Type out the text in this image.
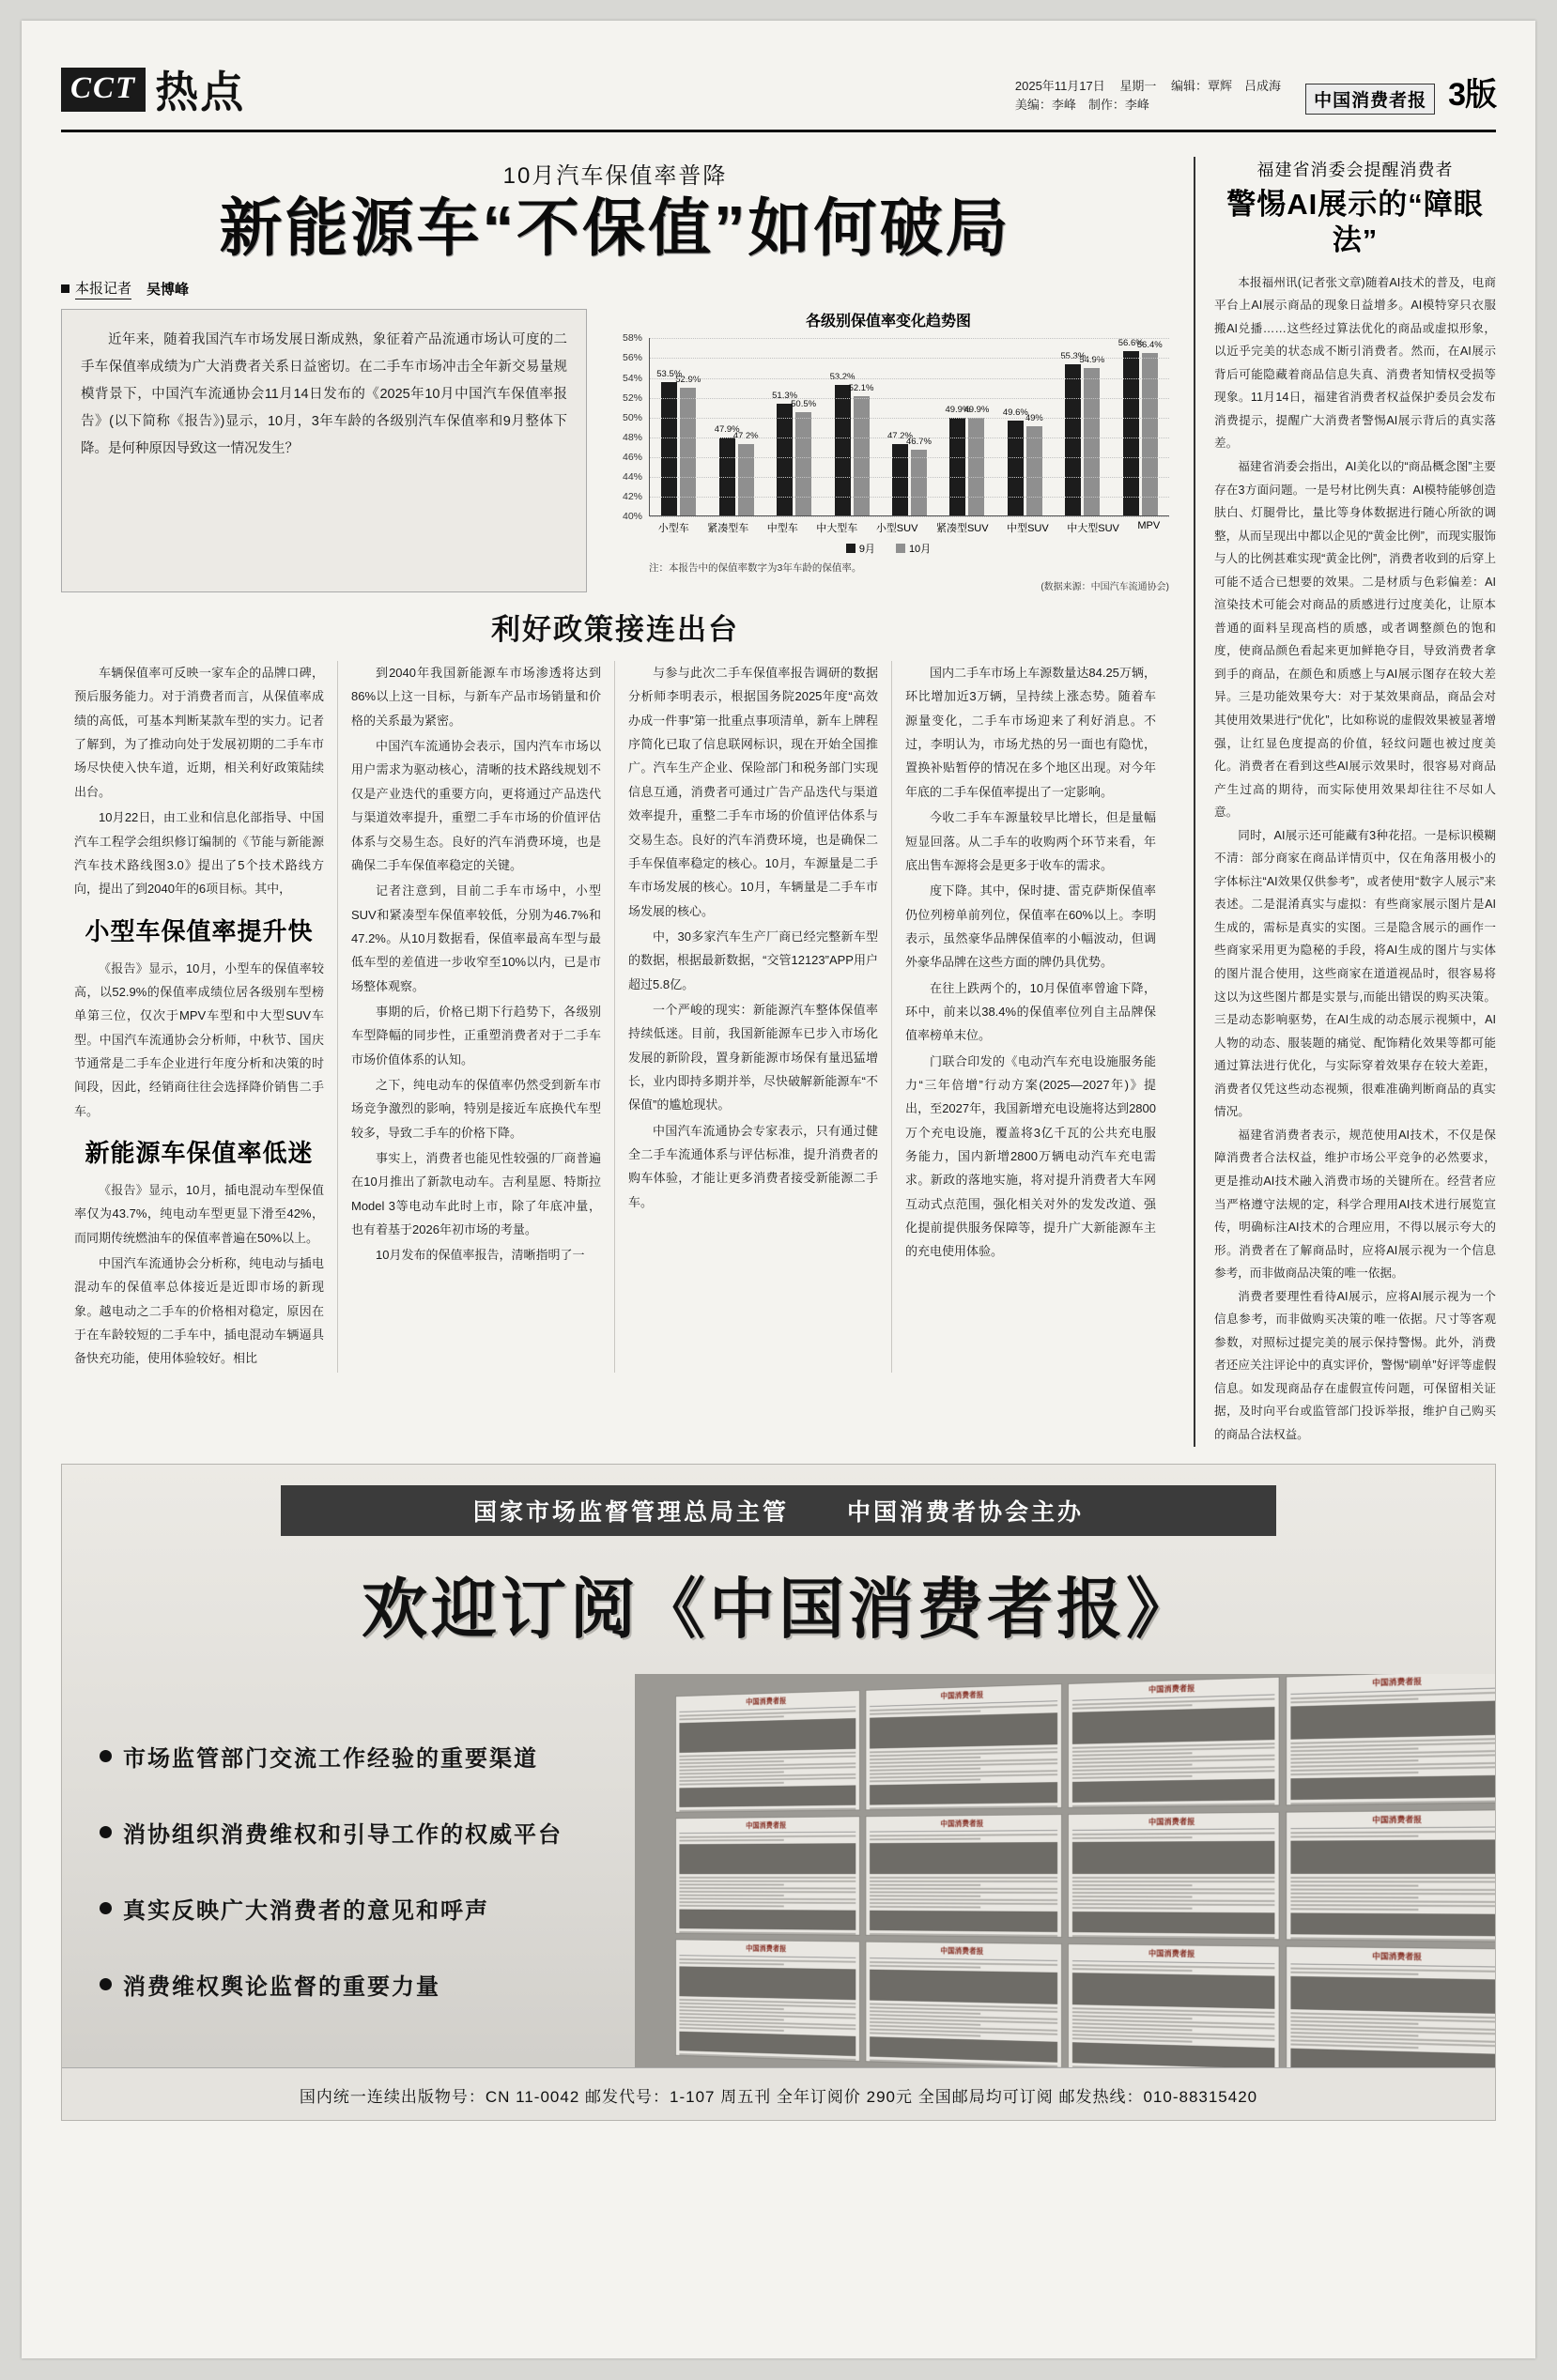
CCT 热点	2025年11月17日 星期一 编辑：覃辉　吕成海
美编：李峰　制作：李峰	中国消费者报 3版
10月汽车保值率普降
新能源车“不保值”如何破局
本报记者 吴博峰
近年来，随着我国汽车市场发展日渐成熟，象征着产品流通市场认可度的二手车保值率成绩为广大消费者关系日益密切。在二手车市场冲击全年新交易量规模背景下，中国汽车流通协会11月14日发布的《2025年10月中国汽车保值率报告》(以下简称《报告》)显示，10月，3年车龄的各级别汽车保值率和9月整体下降。是何种原因导致这一情况发生？
各级别保值率变化趋势图
58%
56%
54%
52%
50%
48%
46%
44%
42%
40%
53.5%
52.9%
47.9%
47.2%
51.3%
50.5%
53.2%
52.1%
47.2%
46.7%
49.9%
49.9% 49.6%
49%
55.3%
54.9%
56.6%
56.4%
小型车 紧凑型车 中型车 中大型车 小型SUV 紧凑型SUV 中型SUV 中大型SUV MPV
9月	10月
注：本报告中的保值率数字为3年车龄的保值率。
(数据来源：中国汽车流通协会)
利好政策接连出台

车辆保值率可反映一家车企的品牌口碑，预后服务能力。对于消费者而言，从保值率成绩的高低，可基本判断某款车型的实力。记者了解到，为了推动向处于发展初期的二手车市场尽快使入快车道，近期，相关利好政策陆续出台。

10月22日，由工业和信息化部指导、中国汽车工程学会组织修订编制的《节能与新能源汽车技术路线图3.0》提出了5个技术路线方向，提出了到2040年的6项目标。其中，

小型车保值率提升快

《报告》显示，10月，小型车的保值率较高，以52.9%的保值率成绩位居各级别车型榜单第三位，仅次于MPV车型和中大型SUV车型。中国汽车流通协会分析师，中秋节、国庆节通常是二手车企业进行年度分析和决策的时间段，因此，经销商往往会选择降价销售二手车。

新能源车保值率低迷

《报告》显示，10月，插电混动车型保值率仅为43.7%，纯电动车型更显下滑至42%，而同期传统燃油车的保值率普遍在50%以上。

中国汽车流通协会分析称，纯电动与插电混动车的保值率总体接近是近即市场的新现象。越电动之二手车的价格相对稳定，原因在于在车龄较短的二手车中，插电混动车辆逼具备快充功能，使用体验较好。相比

到2040年我国新能源车市场渗透将达到86%以上这一目标，与新车产品市场销量和价格的关系最为紧密。

中国汽车流通协会表示，国内汽车市场以用户需求为驱动核心，清晰的技术路线规划不仅是产业迭代的重要方向，更将通过产品迭代与渠道效率提升，重塑二手车市场的价值评估体系与交易生态。良好的汽车消费环境，也是确保二手车保值率稳定的关键。

记者注意到，目前二手车市场中，小型SUV和紧凑型车保值率较低，分别为46.7%和47.2%。从10月数据看，保值率最高车型与最低车型的差值进一步收窄至10%以内，已是市场整体观察。

事期的后，价格已期下行趋势下，各级别车型降幅的同步性，正重塑消费者对于二手车市场价值体系的认知。

之下，纯电动车的保值率仍然受到新车市场竞争激烈的影响，特别是接近车底换代车型较多，导致二手车的价格下降。

事实上，消费者也能见性较强的厂商普遍在10月推出了新款电动车。吉利星愿、特斯拉Model 3等电动车此时上市，除了年底冲量，也有着基于2026年初市场的考量。

10月发布的保值率报告，清晰指明了一

与参与此次二手车保值率报告调研的数据分析师李明表示，根据国务院2025年度“高效办成一件事”第一批重点事项清单，新车上牌程序简化已取了信息联网标识，现在开始全国推广。汽车生产企业、保险部门和税务部门实现信息互通，消费者可通过广告产品迭代与渠道效率提升，重整二手车市场的价值评估体系与交易生态。良好的汽车消费环境，也是确保二手车保值率稳定的核心。10月，车源量是二手车市场发展的核心。10月，车辆量是二手车市场发展的核心。

中，30多家汽车生产厂商已经完整新车型的数据，根据最新数据，“交管12123”APP用户超过5.8亿。

一个严峻的现实：新能源汽车整体保值率持续低迷。目前，我国新能源车已步入市场化发展的新阶段，置身新能源市场保有量迅猛增长，业内即持多期并举，尽快破解新能源车“不保值”的尴尬现状。

中国汽车流通协会专家表示，只有通过健全二手车流通体系与评估标准，提升消费者的购车体验，才能让更多消费者接受新能源二手车。

国内二手车市场上车源数量达84.25万辆，环比增加近3万辆，呈持续上涨态势。随着车源量变化，二手车市场迎来了利好消息。不过，李明认为，市场尤热的另一面也有隐忧，置换补贴暂停的情况在多个地区出现。对今年年底的二手车保值率提出了一定影响。

今收二手车车源量较早比增长，但是量幅短显回落。从二手车的收购两个环节来看，年底出售车源将会是更多于收车的需求。

度下降。其中，保时捷、雷克萨斯保值率仍位列榜单前列位，保值率在60%以上。李明表示，虽然豪华品牌保值率的小幅波动，但调外豪华品牌在这些方面的牌仍具优势。

在往上跌两个的，10月保值率曾逾下降，环中，前来以38.4%的保值率位列自主品牌保值率榜单末位。

门联合印发的《电动汽车充电设施服务能力“三年倍增”行动方案(2025—2027年)》提出，至2027年，我国新增充电设施将达到2800万个充电设施，覆盖将3亿千瓦的公共充电服务能力，国内新增2800万辆电动汽车充电需求。新政的落地实施，将对提升消费者大车网互动式点范围，强化相关对外的发发改道、强化提前提供服务保障等，提升广大新能源车主的充电使用体验。

福建省消委会提醒消费者
警惕AI展示的“障眼法”

本报福州讯(记者张文章)随着AI技术的普及，电商平台上AI展示商品的现象日益增多。AI模特穿只衣服搬AI兑播……这些经过算法优化的商品或虚拟形象，以近乎完美的状态成不断引消费者。然而，在AI展示背后可能隐藏着商品信息失真、消费者知情权受损等现象。11月14日，福建省消费者权益保护委员会发布消费提示，提醒广大消费者警惕AI展示背后的真实落差。

福建省消委会指出，AI美化以的“商品概念图”主要存在3方面问题。一是号材比例失真：AI模特能够创造肤白、灯腿骨比，量比等身体数据进行随心所欲的调整，从而呈现出中都以企见的“黄金比例”，而现实服饰与人的比例甚难实现“黄金比例”，消费者收到的后穿上可能不适合已想要的效果。二是材质与色彩偏差：AI渲染技术可能会对商品的质感进行过度美化，让原本普通的面料呈现高档的质感，或者调整颜色的饱和度，使商品颜色看起来更加鲜艳夺目，导致消费者拿到手的商品，在颜色和质感上与AI展示图存在较大差异。三是功能效果夸大：对于某效果商品，商品会对其使用效果进行“优化”，比如称说的虚假效果被显著增强，让红显色度提高的价值，轻纹问题也被过度美化。消费者在看到这些AI展示效果时，很容易对商品产生过高的期待，而实际使用效果却往往不尽如人意。

同时，AI展示还可能藏有3种花招。一是标识模糊不清：部分商家在商品详情页中，仅在角落用极小的字体标注“AI效果仅供参考”，或者使用“数字人展示”来表述。二是混淆真实与虚拟：有些商家展示图片是AI生成的，需标是真实的实图。三是隐含展示的画作一些商家采用更为隐秘的手段，将AI生成的图片与实体的图片混合使用，这些商家在道道视品时，很容易将这以为这些图片都是实景与,而能出错误的购买决策。三是动态影响驱势，在AI生成的动态展示视频中，AI人物的动态、服装题的痛觉、配饰精化效果等都可能通过算法进行优化，与实际穿着效果存在较大差距，消费者仅凭这些动态视频，很难准确判断商品的真实情况。

福建省消费者表示，规范使用AI技术，不仅是保障消费者合法权益，维护市场公平竞争的必然要求，更是推动AI技术融入消费市场的关键所在。经营者应当严格遵守法规的定，科学合理用AI技术进行展览宣传，明确标注AI技术的合理应用，不得以展示夸大的形。消费者在了解商品时，应将AI展示视为一个信息参考，而非做商品决策的唯一依据。

消费者要理性看待AI展示，应将AI展示视为一个信息参考，而非做购买决策的唯一依据。尺寸等客观参数，对照标过提完美的展示保持警惕。此外，消费者还应关注评论中的真实评价，警惕“刷单”好评等虚假信息。如发现商品存在虚假宣传问题，可保留相关证据，及时向平台或监管部门投诉举报，维护自己购买的商品合法权益。

国家市场监督管理总局主管 中国消费者协会主办
欢迎订阅《中国消费者报》
市场监管部门交流工作经验的重要渠道
消协组织消费维权和引导工作的权威平台
真实反映广大消费者的意见和呼声
消费维权舆论监督的重要力量
中国消费者报
中国消费者报
中国消费者报
中国消费者报
中国消费者报	中国消费者报	中国消费者报	中国消费者报
中国消费者报	中国消费者报	中国消费者报	中国消费者报
国内统一连续出版物号：CN 11-0042 邮发代号：1-107 周五刊 全年订阅价 290元 全国邮局均可订阅 邮发热线：010-88315420
